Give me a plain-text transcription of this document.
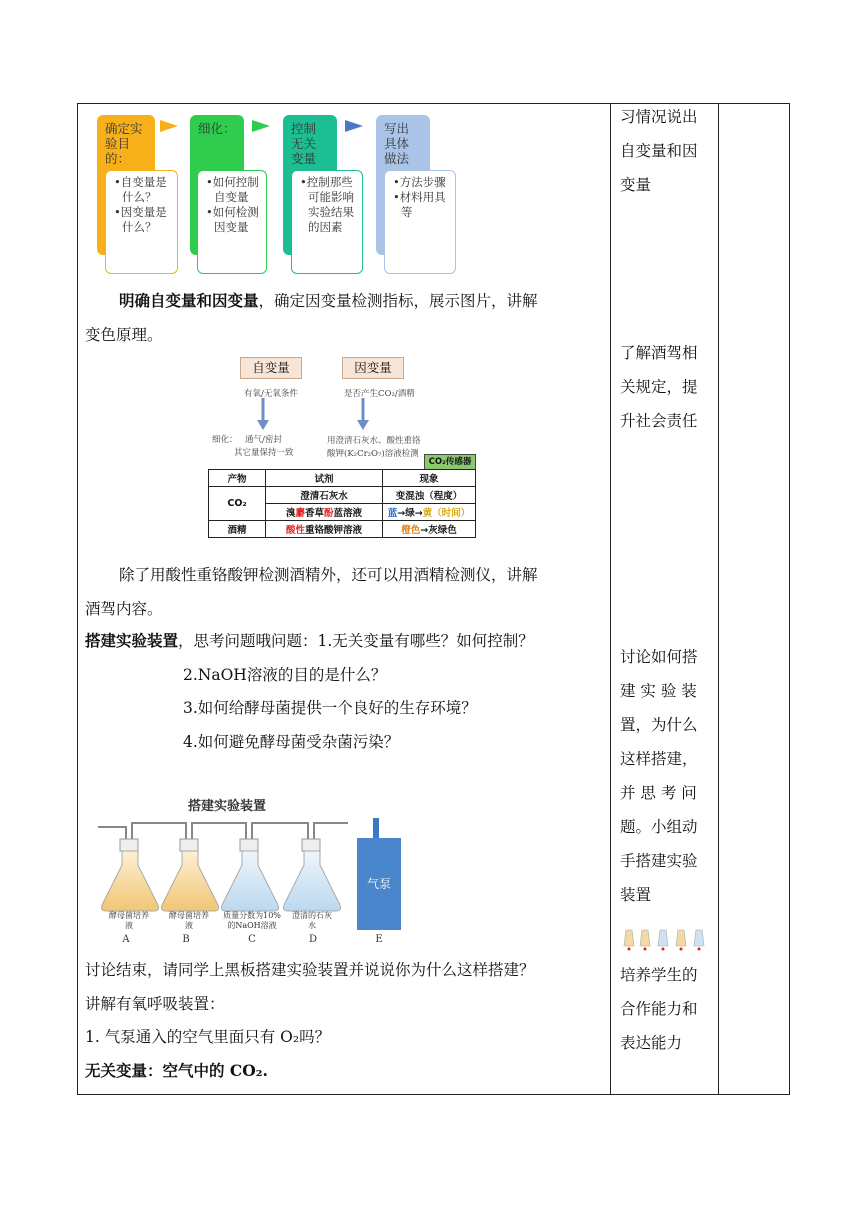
确定实验目的：
•自变量是什么？
•因变量是什么？
细化：
•如何控制自变量
•如何检测因变量
控制无关变量
•控制那些可能影响实验结果的因素
写出具体做法
•方法步骤
•材料用具等
明确自变量和因变量，确定因变量检测指标，展示图片，讲解
变色原理。
自变量	因变量
有氧/无氧条件	是否产生CO₂/酒精
细化： 通气/密封
其它量保持一致
用澄清石灰水、酸性重铬
酸钾(K₂Cr₂O₇)溶液检测
CO₂传感器
产物	试剂	现象
CO₂	澄清石灰水	变混浊（程度）
	溴麝香草酚蓝溶液	蓝→绿→黄（时间）
酒精	酸性重铬酸钾溶液	橙色→灰绿色
除了用酸性重铬酸钾检测酒精外，还可以用酒精检测仪，讲解
酒驾内容。
搭建实验装置，思考问题哦问题：1.无关变量有哪些？如何控制？
2.NaOH溶液的目的是什么？
3.如何给酵母菌提供一个良好的生存环境？
4.如何避免酵母菌受杂菌污染？
搭建实验装置
气泵
酵母菌培养液
酵母菌培养液
质量分数为10%的NaOH溶液
澄清的石灰水
A	B	C	D	E
讨论结束，请同学上黑板搭建实验装置并说说你为什么这样搭建？
讲解有氧呼吸装置：
1. 气泵通入的空气里面只有 O₂吗？
无关变量：空气中的 CO₂.
习情况说出
自变量和因
变量
了解酒驾相
关规定，提
升社会责任
讨论如何搭
建 实 验 装
置，为什么
这样搭建，
并 思 考 问
题。小组动
手搭建实验
装置
培养学生的
合作能力和
表达能力
